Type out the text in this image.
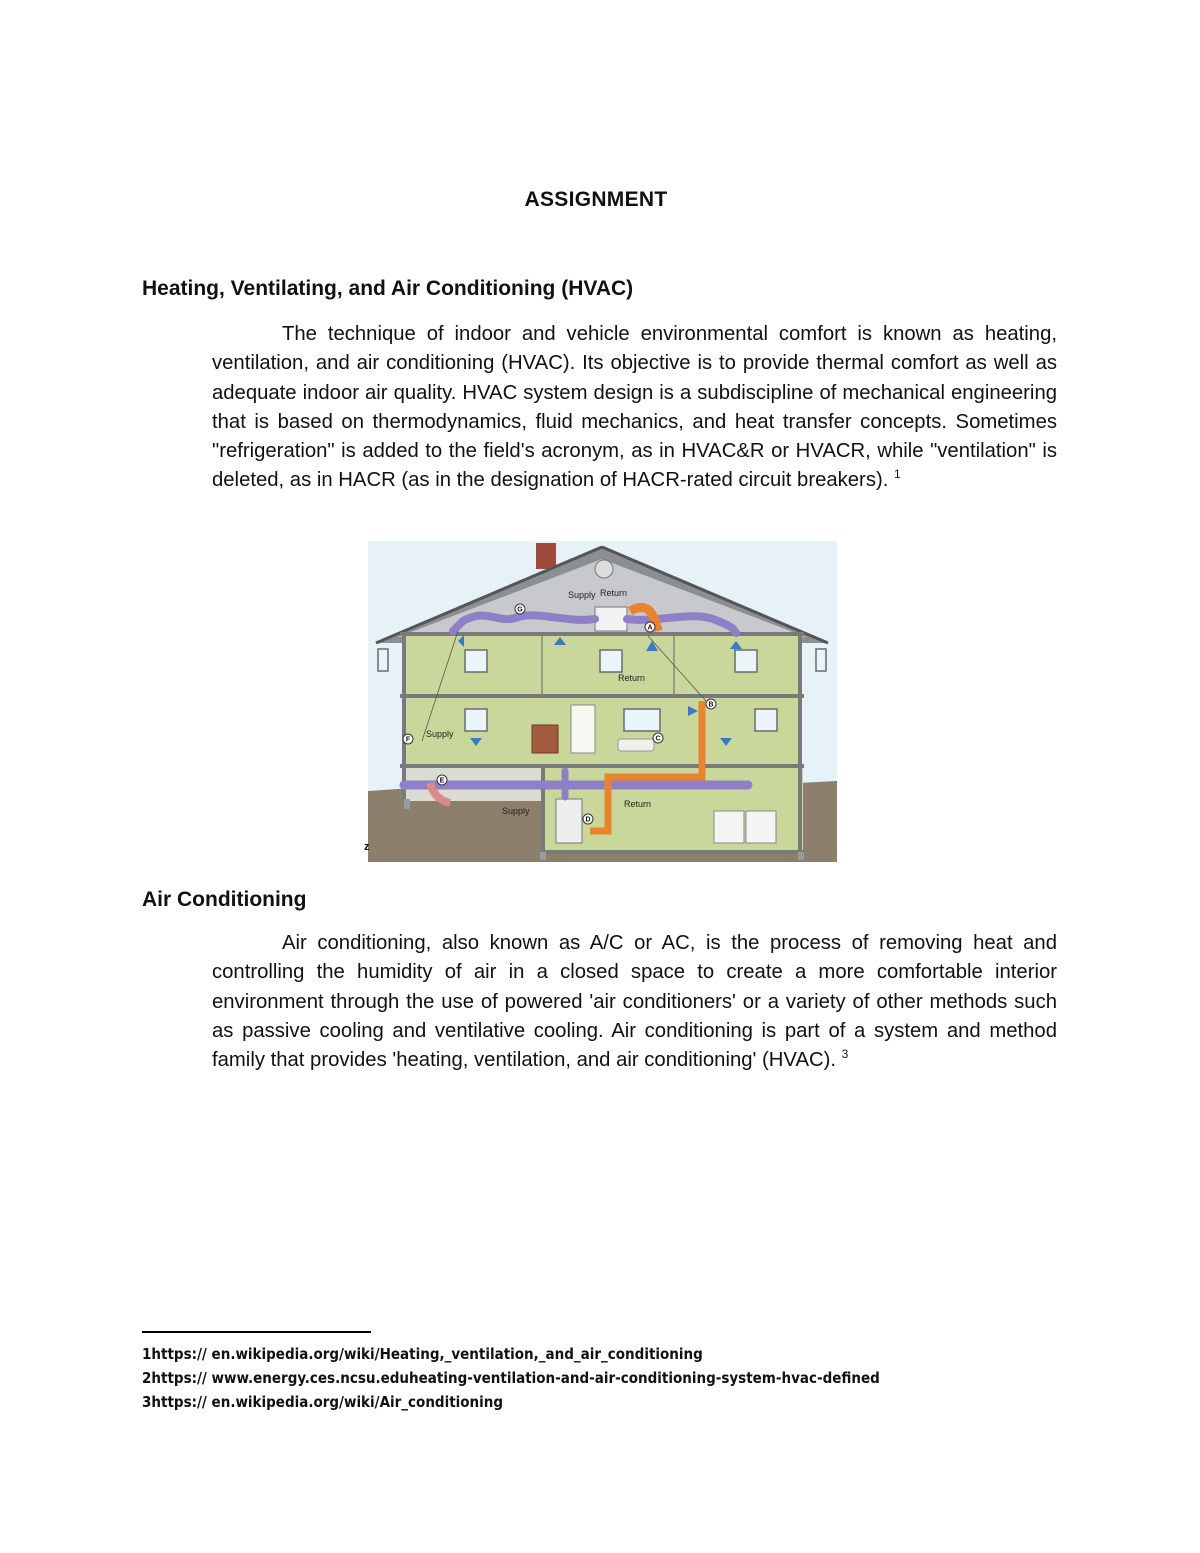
ASSIGNMENT
Heating, Ventilating, and Air Conditioning (HVAC)
The technique of indoor and vehicle environmental comfort is known as heating, ventilation, and air conditioning (HVAC). Its objective is to provide thermal comfort as well as adequate indoor air quality. HVAC system design is a subdiscipline of mechanical engineering that is based on thermodynamics, fluid mechanics, and heat transfer concepts. Sometimes "refrigeration" is added to the field's acronym, as in HVAC&R or HVACR, while "ventilation" is deleted, as in HACR (as in the designation of HACR-rated circuit breakers). $^1$
Supply Return
Return
Supply
Supply
Return
A
B
C
D
E
F
G
z
Air Conditioning
Air conditioning, also known as A/C or AC, is the process of removing heat and controlling the humidity of air in a closed space to create a more comfortable interior environment through the use of powered 'air conditioners' or a variety of other methods such as passive cooling and ventilative cooling. Air conditioning is part of a system and method family that provides 'heating, ventilation, and air conditioning' (HVAC). $^3$
1https:// en.wikipedia.org/wiki/Heating,_ventilation,_and_air_conditioning
2https:// www.energy.ces.ncsu.eduheating-ventilation-and-air-conditioning-system-hvac-defined
3https:// en.wikipedia.org/wiki/Air_conditioning
